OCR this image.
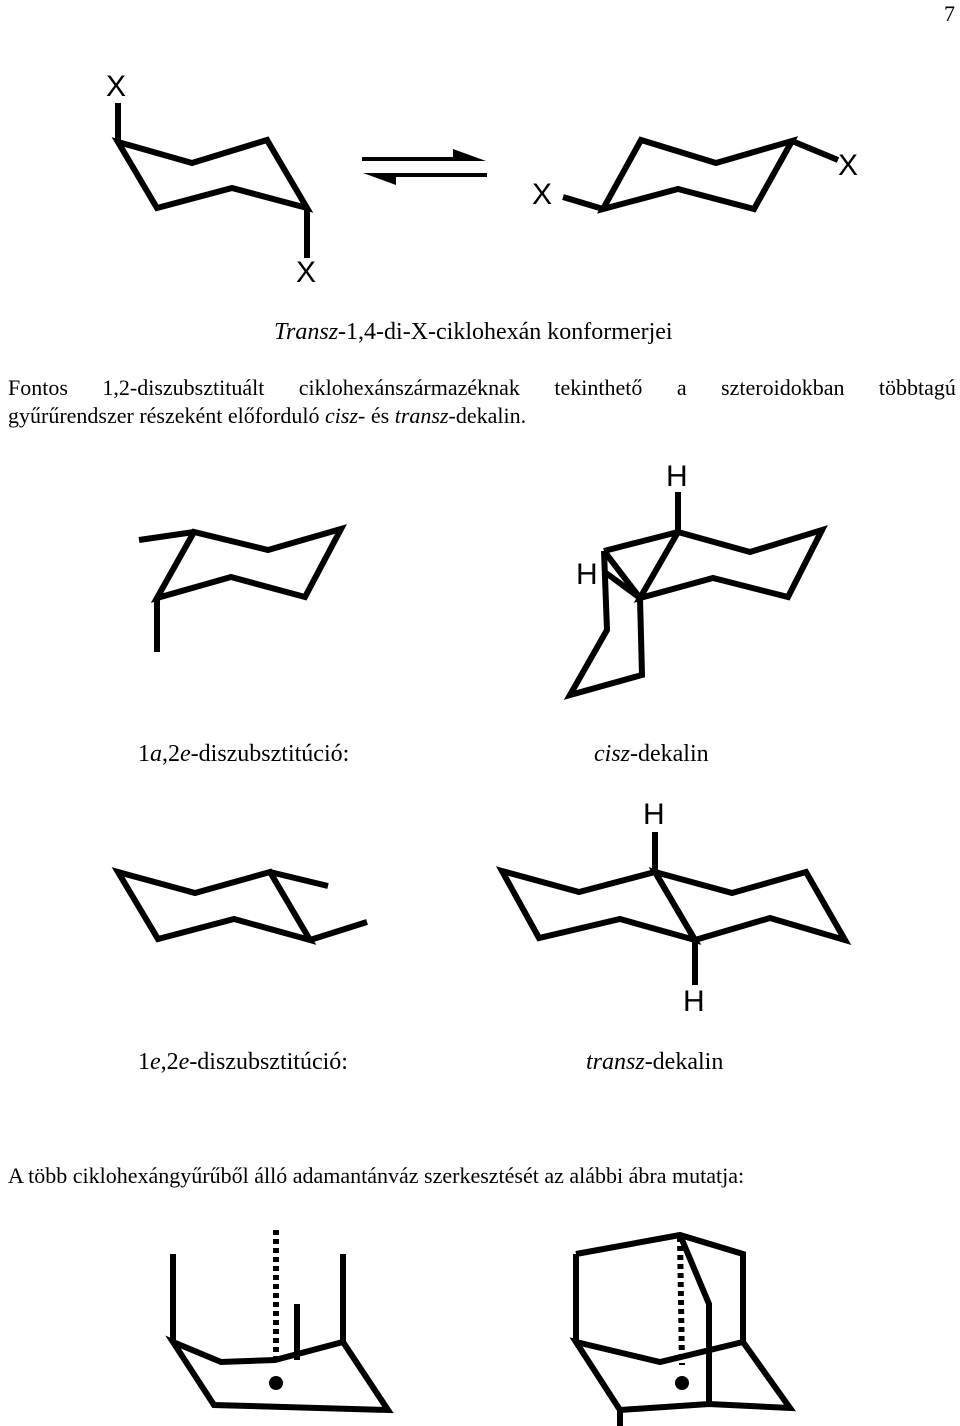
7
X
X
X
X
Transz-1,4-di-X-ciklohexán konformerjei
Fontos 1,2-diszubsztituált ciklohexánszármazéknak tekinthető a szteroidokban többtagú
gyűrűrendszer részeként előforduló cisz- és transz-dekalin.
H
H
H
H
1a,2e-diszubsztitúció:	cisz-dekalin
1e,2e-diszubsztitúció:	transz-dekalin
A több ciklohexángyűrűből álló adamantánváz szerkesztését az alábbi ábra mutatja:
